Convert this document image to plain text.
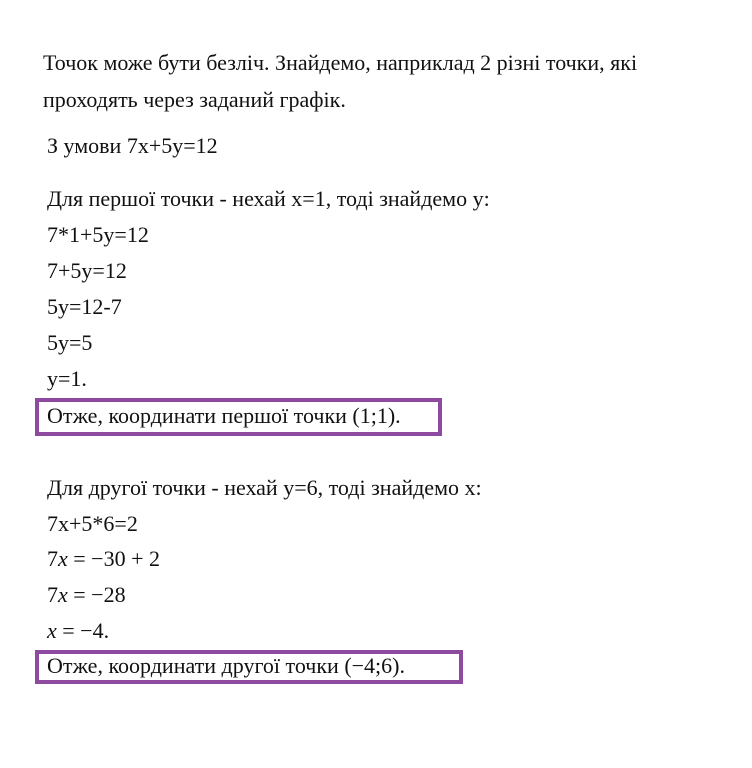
Точок може бути безліч. Знайдемо, наприклад 2 різні точки, які
проходять через заданий графік.
З умови 7x+5y=12
Для першої точки - нехай x=1, тоді знайдемо y:
7*1+5y=12
7+5y=12
5y=12-7
5y=5
y=1.
Отже, координати першої точки (1;1).
Для другої точки - нехай y=6, тоді знайдемо x:
7x+5*6=2
7x = −30 + 2
7x = −28
x = −4.
Отже, координати другої точки (−4;6).
